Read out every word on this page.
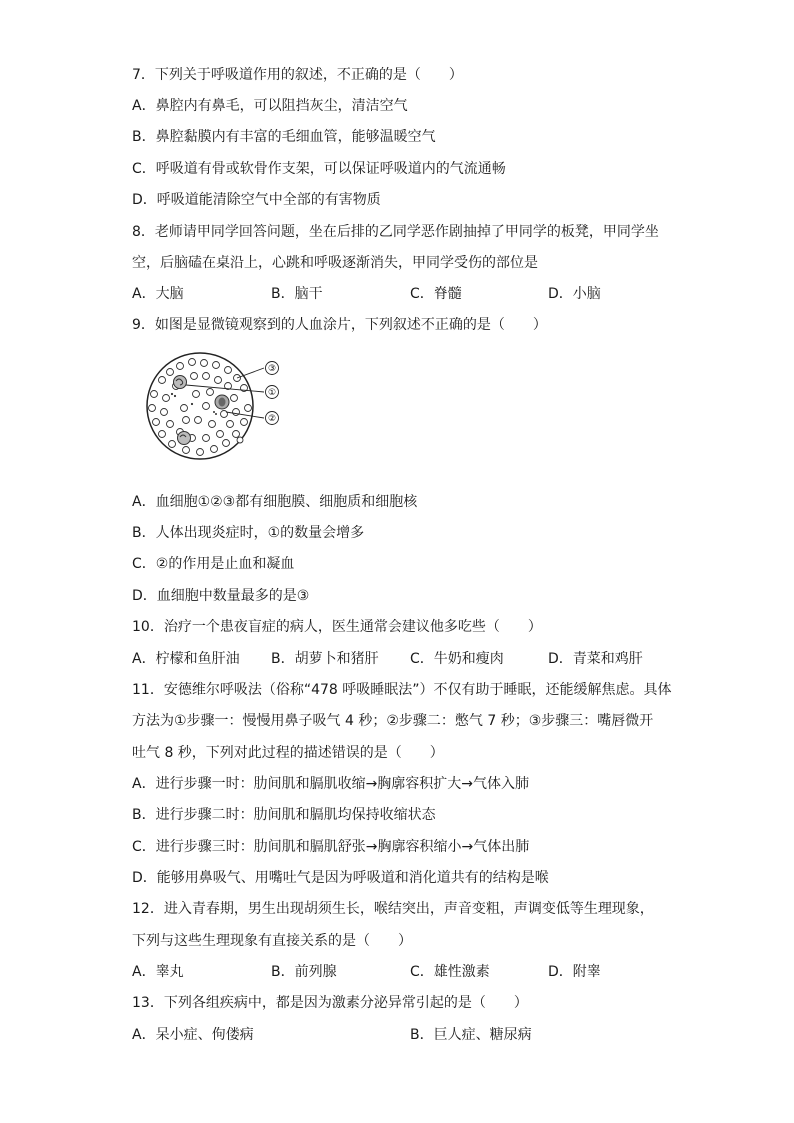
7．下列关于呼吸道作用的叙述，不正确的是（　　）
A．鼻腔内有鼻毛，可以阻挡灰尘，清洁空气
B．鼻腔黏膜内有丰富的毛细血管，能够温暖空气
C．呼吸道有骨或软骨作支架，可以保证呼吸道内的气流通畅
D．呼吸道能清除空气中全部的有害物质
8．老师请甲同学回答问题，坐在后排的乙同学恶作剧抽掉了甲同学的板凳，甲同学坐
空，后脑磕在桌沿上，心跳和呼吸逐渐消失，甲同学受伤的部位是
A．大脑	B．脑干	C．脊髓	D．小脑
9．如图是显微镜观察到的人血涂片，下列叙述不正确的是（　　）
③
①
②
A．血细胞①②③都有细胞膜、细胞质和细胞核
B．人体出现炎症时，①的数量会增多
C．②的作用是止血和凝血
D．血细胞中数量最多的是③
10．治疗一个患夜盲症的病人，医生通常会建议他多吃些（　　）
A．柠檬和鱼肝油 B．胡萝卜和猪肝 C．牛奶和瘦肉	D．青菜和鸡肝
11．安德维尔呼吸法（俗称“478 呼吸睡眠法”）不仅有助于睡眠，还能缓解焦虑。具体
方法为①步骤一：慢慢用鼻子吸气 4 秒；②步骤二：憋气 7 秒；③步骤三：嘴唇微开
吐气 8 秒，下列对此过程的描述错误的是（　　）
A．进行步骤一时：肋间肌和膈肌收缩→胸廓容积扩大→气体入肺
B．进行步骤二时：肋间肌和膈肌均保持收缩状态
C．进行步骤三时：肋间肌和膈肌舒张→胸廓容积缩小→气体出肺
D．能够用鼻吸气、用嘴吐气是因为呼吸道和消化道共有的结构是喉
12．进入青春期，男生出现胡须生长，喉结突出，声音变粗，声调变低等生理现象，
下列与这些生理现象有直接关系的是（　　）
A．睾丸	B．前列腺	C．雄性激素	D．附睾
13．下列各组疾病中，都是因为激素分泌异常引起的是（　　）
A．呆小症、佝偻病	B．巨人症、糖尿病
